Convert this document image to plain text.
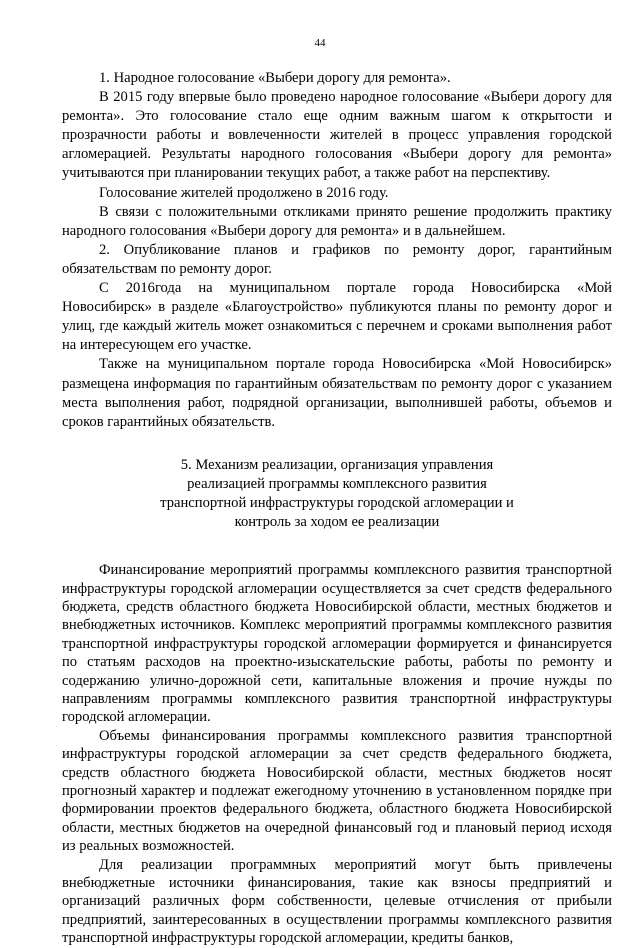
44

1. Народное голосование «Выбери дорогу для ремонта».

В 2015 году впервые было проведено народное голосование «Выбери дорогу для ремонта». Это голосование стало еще одним важным шагом к открытости и прозрачности работы и вовлеченности жителей в процесс управления городской агломерацией. Результаты народного голосования «Выбери дорогу для ремонта» учитываются при планировании текущих работ, а также работ на перспективу.

Голосование жителей продолжено в 2016 году.

В связи с положительными откликами принято решение продолжить практику народного голосования «Выбери дорогу для ремонта» и в дальнейшем.

2. Опубликование планов и графиков по ремонту дорог, гарантийным обязательствам по ремонту дорог.

С 2016года на муниципальном портале города Новосибирска «Мой Новосибирск» в разделе «Благоустройство» публикуются планы по ремонту дорог и улиц, где каждый житель может ознакомиться с перечнем и сроками выполнения работ на интересующем его участке.

Также на муниципальном портале города Новосибирска «Мой Новосибирск» размещена информация по гарантийным обязательствам по ремонту дорог с указанием места выполнения работ, подрядной организации, выполнившей работы, объемов и сроков гарантийных обязательств.

5. Механизм реализации, организация управления
реализацией программы комплексного развития
транспортной инфраструктуры городской агломерации и
контроль за ходом ее реализации

Финансирование мероприятий программы комплексного развития транспортной инфраструктуры городской агломерации осуществляется за счет средств федерального бюджета, средств областного бюджета Новосибирской области, местных бюджетов и внебюджетных источников. Комплекс мероприятий программы комплексного развития транспортной инфраструктуры городской агломерации формируется и финансируется по статьям расходов на проектно-изыскательские работы, работы по ремонту и содержанию улично-дорожной сети, капитальные вложения и прочие нужды по направлениям программы комплексного развития транспортной инфраструктуры городской агломерации.

Объемы финансирования программы комплексного развития транспортной инфраструктуры городской агломерации за счет средств федерального бюджета, средств областного бюджета Новосибирской области, местных бюджетов носят прогнозный характер и подлежат ежегодному уточнению в установленном порядке при формировании проектов федерального бюджета, областного бюджета Новосибирской области, местных бюджетов на очередной финансовый год и плановый период исходя из реальных возможностей.

Для реализации программных мероприятий могут быть привлечены внебюджетные источники финансирования, такие как взносы предприятий и организаций различных форм собственности, целевые отчисления от прибыли предприятий, заинтересованных в осуществлении программы комплексного развития транспортной инфраструктуры городской агломерации, кредиты банков,
